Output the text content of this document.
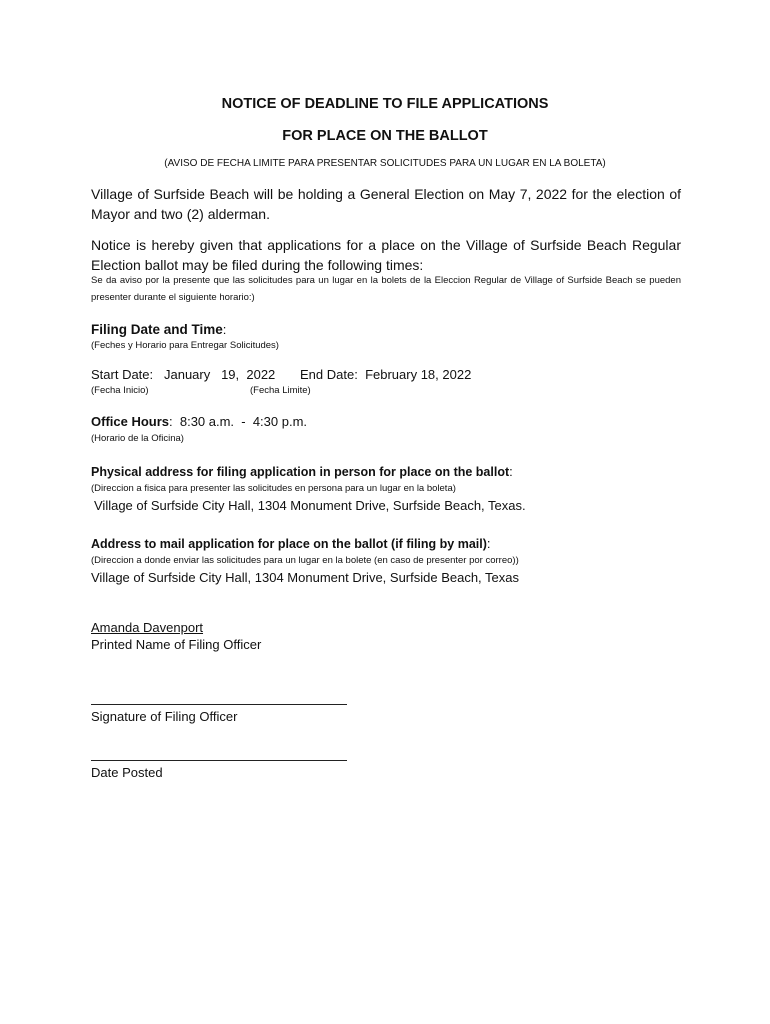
NOTICE OF DEADLINE TO FILE APPLICATIONS
FOR PLACE ON THE BALLOT
(AVISO DE FECHA LIMITE PARA PRESENTAR SOLICITUDES PARA UN LUGAR EN LA BOLETA)
Village of Surfside Beach will be holding a General Election on May 7, 2022 for the election of Mayor and two (2) alderman.
Notice is hereby given that applications for a place on the Village of Surfside Beach Regular Election ballot may be filed during the following times:
Se da aviso por la presente que las solicitudes para un lugar en la bolets de la Eleccion Regular de Village of Surfside Beach se pueden presenter durante el siguiente horario:)
Filing Date and Time:
(Feches y Horario para Entregar Solicitudes)
Start Date: January   19,  2022 End Date: February 18, 2022
(Fecha Inicio)	(Fecha Limite)
Office Hours:  8:30 a.m.  -  4:30 p.m.
(Horario de la Oficina)
Physical address for filing application in person for place on the ballot:
(Direccion a fisica para presenter las solicitudes en persona para un lugar en la boleta)
Village of Surfside City Hall, 1304 Monument Drive, Surfside Beach, Texas.
Address to mail application for place on the ballot (if filing by mail):
(Direccion a donde enviar las solicitudes para un lugar en la bolete (en caso de presenter por correo))
Village of Surfside City Hall, 1304 Monument Drive, Surfside Beach, Texas
Amanda Davenport
Printed Name of Filing Officer
Signature of Filing Officer
Date Posted
